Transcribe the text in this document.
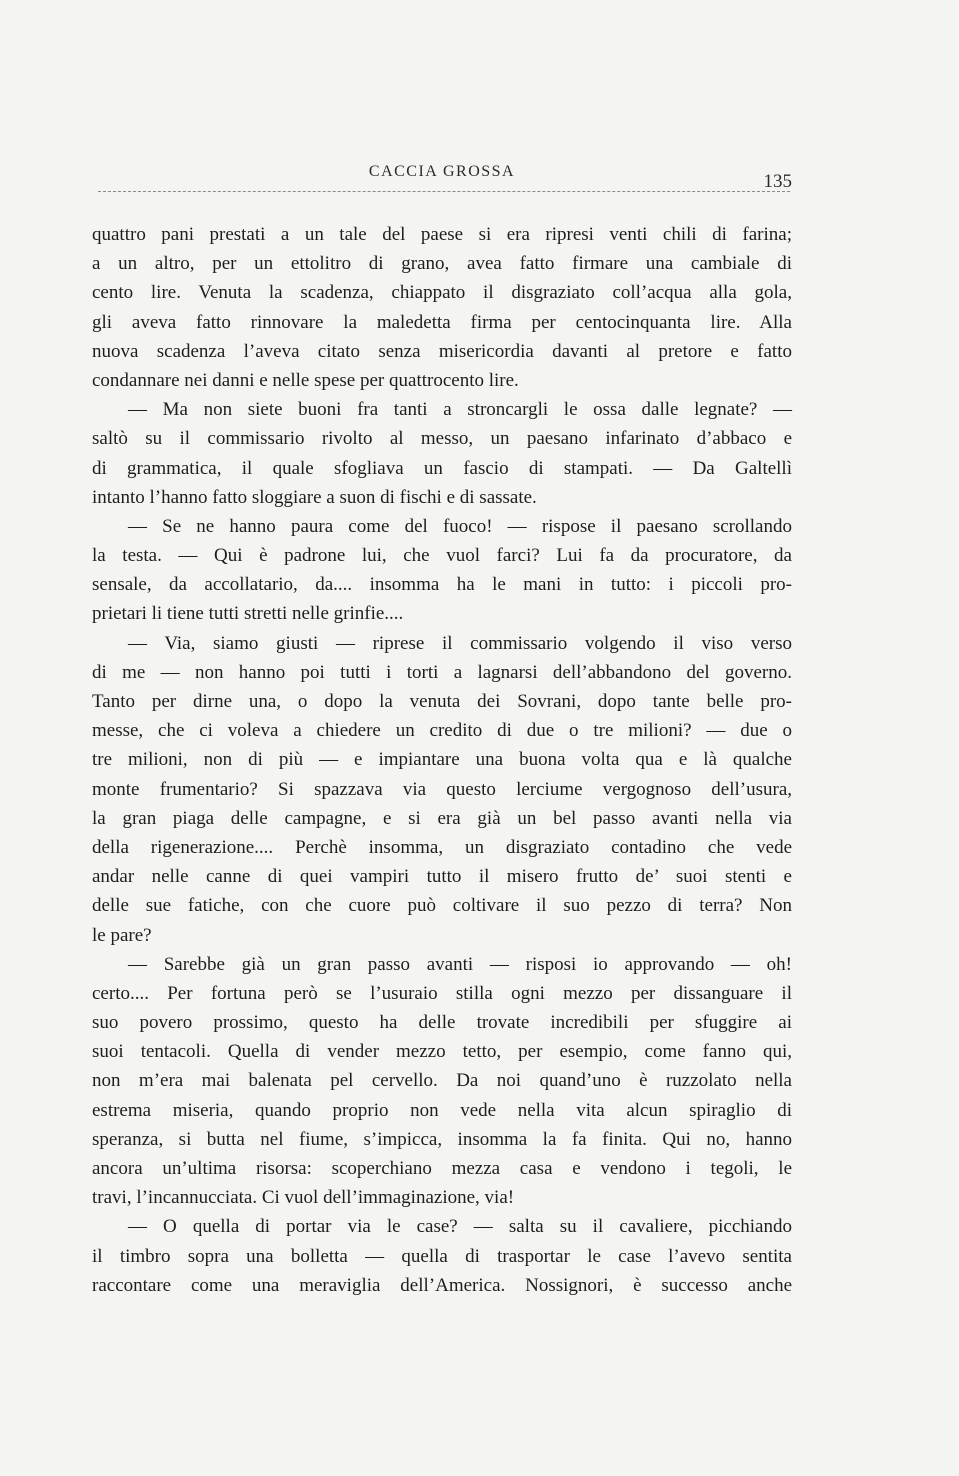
CACCIA GROSSA	135
quattro pani prestati a un tale del paese si era ripresi venti chili di farina;
a un altro, per un ettolitro di grano, avea fatto firmare una cambiale di
cento lire. Venuta la scadenza, chiappato il disgraziato coll’acqua alla gola,
gli aveva fatto rinnovare la maledetta firma per centocinquanta lire. Alla
nuova scadenza l’aveva citato senza misericordia davanti al pretore e fatto
condannare nei danni e nelle spese per quattrocento lire.
— Ma non siete buoni fra tanti a stroncargli le ossa dalle legnate? —
saltò su il commissario rivolto al messo, un paesano infarinato d’abbaco e
di grammatica, il quale sfogliava un fascio di stampati. — Da Galtellì
intanto l’hanno fatto sloggiare a suon di fischi e di sassate.
— Se ne hanno paura come del fuoco! — rispose il paesano scrollando
la testa. — Qui è padrone lui, che vuol farci? Lui fa da procuratore, da
sensale, da accollatario, da.... insomma ha le mani in tutto: i piccoli pro-
prietari li tiene tutti stretti nelle grinfie....
— Via, siamo giusti — riprese il commissario volgendo il viso verso
di me — non hanno poi tutti i torti a lagnarsi dell’abbandono del governo.
Tanto per dirne una, o dopo la venuta dei Sovrani, dopo tante belle pro-
messe, che ci voleva a chiedere un credito di due o tre milioni? — due o
tre milioni, non di più — e impiantare una buona volta qua e là qualche
monte frumentario? Si spazzava via questo lerciume vergognoso dell’usura,
la gran piaga delle campagne, e si era già un bel passo avanti nella via
della rigenerazione.... Perchè insomma, un disgraziato contadino che vede
andar nelle canne di quei vampiri tutto il misero frutto de’ suoi stenti e
delle sue fatiche, con che cuore può coltivare il suo pezzo di terra? Non
le pare?
— Sarebbe già un gran passo avanti — risposi io approvando — oh!
certo.... Per fortuna però se l’usuraio stilla ogni mezzo per dissanguare il
suo povero prossimo, questo ha delle trovate incredibili per sfuggire ai
suoi tentacoli. Quella di vender mezzo tetto, per esempio, come fanno qui,
non m’era mai balenata pel cervello. Da noi quand’uno è ruzzolato nella
estrema miseria, quando proprio non vede nella vita alcun spiraglio di
speranza, si butta nel fiume, s’impicca, insomma la fa finita. Qui no, hanno
ancora un’ultima risorsa: scoperchiano mezza casa e vendono i tegoli, le
travi, l’incannucciata. Ci vuol dell’immaginazione, via!
— O quella di portar via le case? — salta su il cavaliere, picchiando
il timbro sopra una bolletta — quella di trasportar le case l’avevo sentita
raccontare come una meraviglia dell’America. Nossignori, è successo anche
